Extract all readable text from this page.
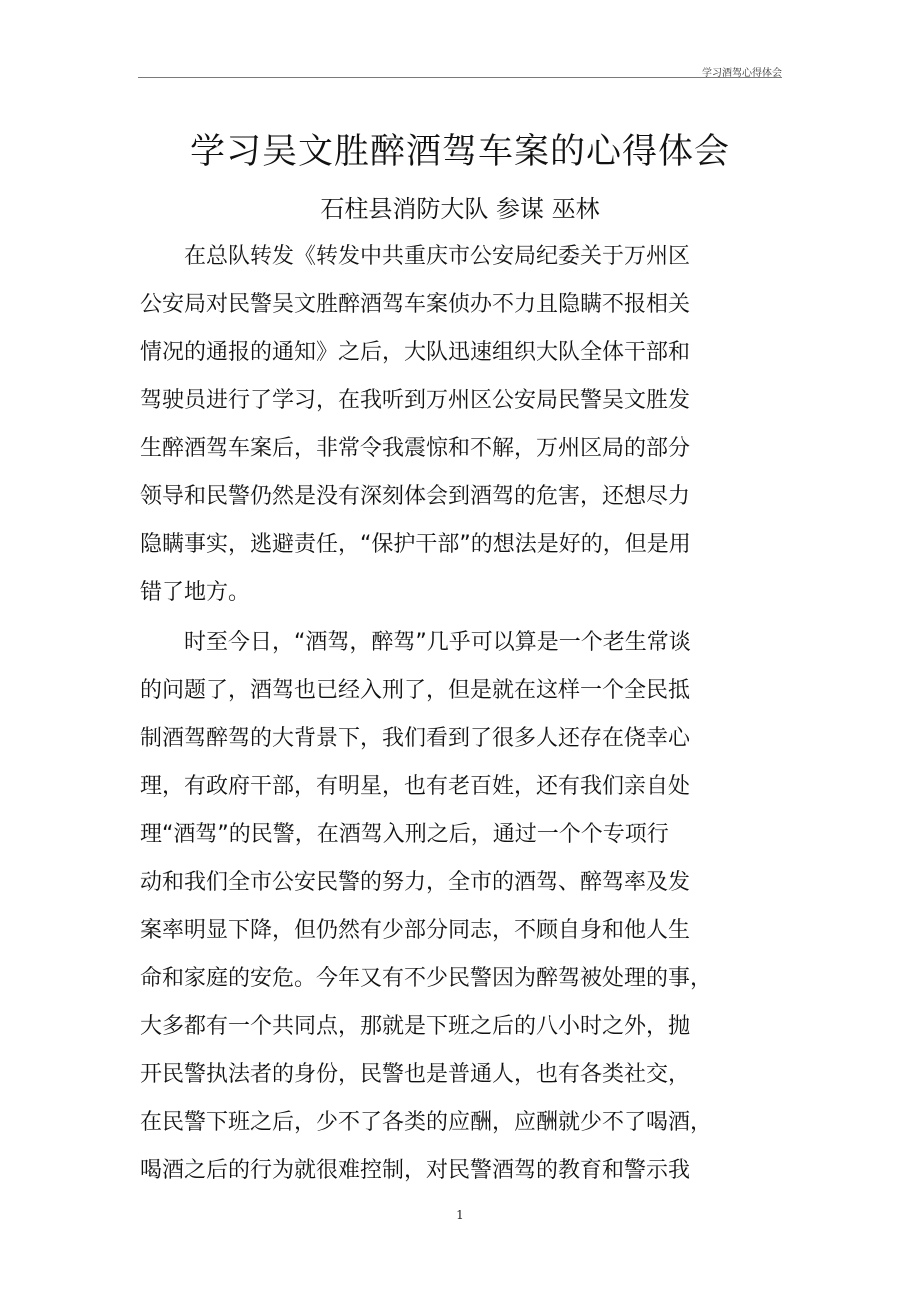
学习酒驾心得体会
学习吴文胜醉酒驾车案的心得体会
石柱县消防大队 参谋 巫林
在总队转发《转发中共重庆市公安局纪委关于万州区
公安局对民警吴文胜醉酒驾车案侦办不力且隐瞒不报相关
情况的通报的通知》之后，大队迅速组织大队全体干部和
驾驶员进行了学习，在我听到万州区公安局民警吴文胜发
生醉酒驾车案后，非常令我震惊和不解，万州区局的部分
领导和民警仍然是没有深刻体会到酒驾的危害，还想尽力
隐瞒事实，逃避责任，“保护干部”的想法是好的，但是用
错了地方。
时至今日，“酒驾，醉驾”几乎可以算是一个老生常谈
的问题了，酒驾也已经入刑了，但是就在这样一个全民抵
制酒驾醉驾的大背景下，我们看到了很多人还存在侥幸心
理，有政府干部，有明星，也有老百姓，还有我们亲自处
理“酒驾”的民警，在酒驾入刑之后，通过一个个专项行
动和我们全市公安民警的努力，全市的酒驾、醉驾率及发
案率明显下降，但仍然有少部分同志，不顾自身和他人生
命和家庭的安危。今年又有不少民警因为醉驾被处理的事，
大多都有一个共同点，那就是下班之后的八小时之外，抛
开民警执法者的身份，民警也是普通人，也有各类社交，
在民警下班之后，少不了各类的应酬，应酬就少不了喝酒，
喝酒之后的行为就很难控制，对民警酒驾的教育和警示我
1
